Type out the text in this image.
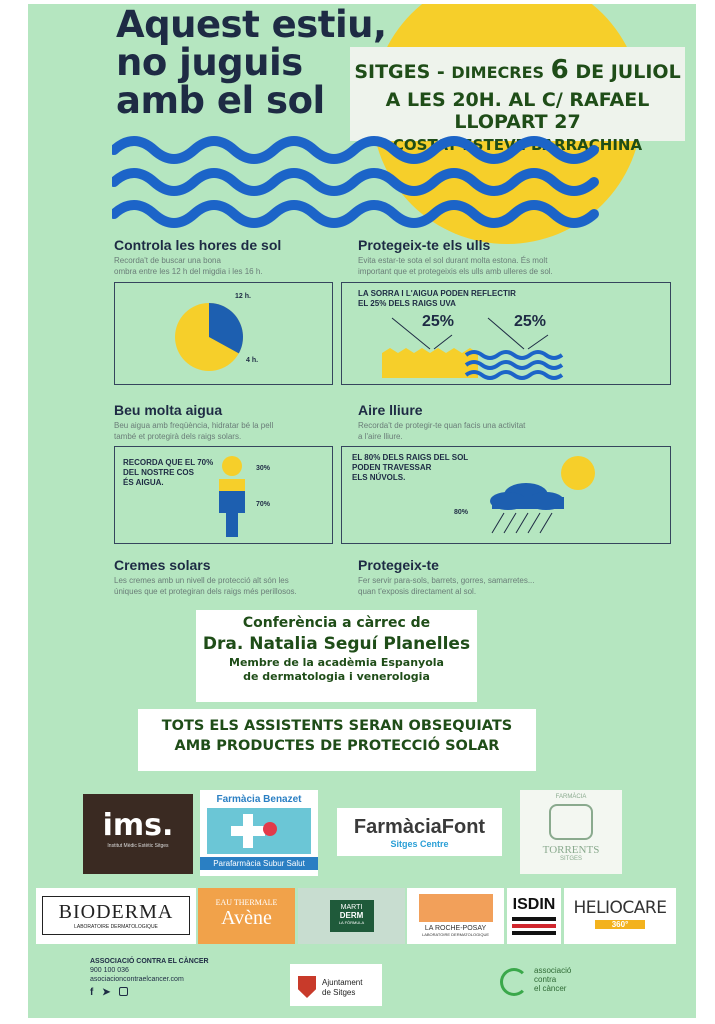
Aquest estiu,
no juguis
amb el sol
SITGES - DIMECRES 6 DE JULIOL
A LES 20H. AL C/ RAFAEL LLOPART 27
COSTAT ESTEVE BARRACHINA
Controla les hores de sol
Recorda't de buscar una bona
ombra entre les 12 h del migdia i les 16 h.
12 h.
4 h.
Protegeix-te els ulls
Evita estar-te sota el sol durant molta estona. És molt
important que et protegeixis els ulls amb ulleres de sol.
LA SORRA I L'AIGUA PODEN REFLECTIR
EL 25% DELS RAIGS UVA
25%	25%
Beu molta aigua
Beu aigua amb freqüència, hidratar bé la pell
també et protegirà dels raigs solars.
RECORDA QUE EL 70%
DEL NOSTRE COS
ÉS AIGUA.
30%
70%
Aire lliure
Recorda't de protegir-te quan facis una activitat
a l'aire lliure.
EL 80% DELS RAIGS DEL SOL
PODEN TRAVESSAR
ELS NÚVOLS.
80%
Cremes solars
Les cremes amb un nivell de protecció alt són les
úniques que et protegiran dels raigs més perillosos.
Protegeix-te
Fer servir para-sols, barrets, gorres, samarretes...
quan t'exposis directament al sol.
Conferència a càrrec de
Dra. Natalia Seguí Planelles
Membre de la acadèmia Espanyola
de dermatologia i venerologia
TOTS ELS ASSISTENTS SERAN OBSEQUIATS
AMB PRODUCTES DE PROTECCIÓ SOLAR
ims.
Institut Mèdic Estètic Sitges
Farmàcia Benazet
Parafarmàcia Subur Salut
FarmàciaFont
Sitges Centre
FARMÀCIA
TORRENTS
SITGES
BIODERMA
LABORATOIRE DERMATOLOGIQUE
EAU THERMALE
Avène	MARTI
DERM
LA FÓRMULA
LA ROCHE-POSAY
LABORATOIRE DERMATOLOGIQUE
ISDIN	HELIOCARE
360°
ASSOCIACIÓ CONTRA EL CÀNCER
900 100 036
asociacioncontraelcancer.com
f ➤
Ajuntament
de Sitges
associació
contra
el càncer
